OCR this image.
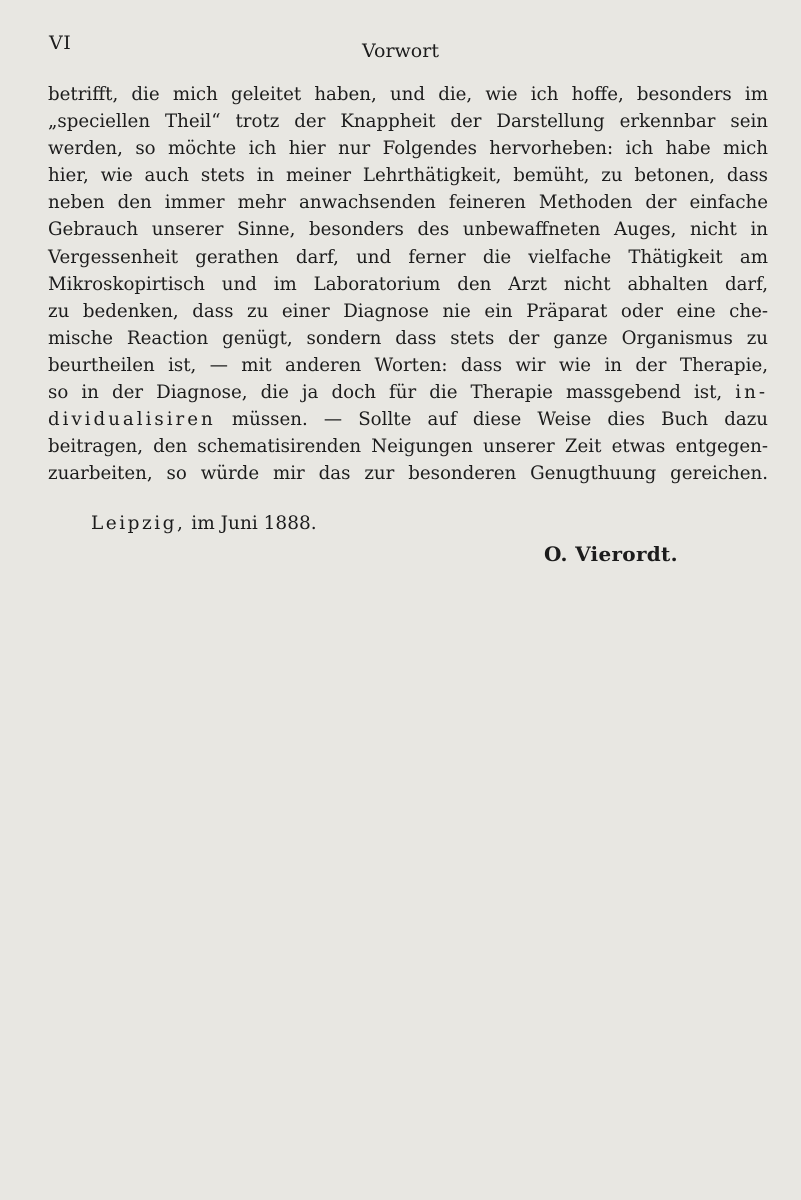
VI	Vorwort
betrifft, die mich geleitet haben, und die, wie ich hoffe, besonders im
„speciellen Theil“ trotz der Knappheit der Darstellung erkennbar sein
werden, so möchte ich hier nur Folgendes hervorheben: ich habe mich
hier, wie auch stets in meiner Lehrthätigkeit, bemüht, zu betonen, dass
neben den immer mehr anwachsenden feineren Methoden der einfache
Gebrauch unserer Sinne, besonders des unbewaffneten Auges, nicht in
Vergessenheit gerathen darf, und ferner die vielfache Thätigkeit am
Mikroskopirtisch und im Laboratorium den Arzt nicht abhalten darf,
zu bedenken, dass zu einer Diagnose nie ein Präparat oder eine che-
mische Reaction genügt, sondern dass stets der ganze Organismus zu
beurtheilen ist, — mit anderen Worten: dass wir wie in der Therapie,
so in der Diagnose, die ja doch für die Therapie massgebend ist, in-
dividualisiren müssen. — Sollte auf diese Weise dies Buch dazu
beitragen, den schematisirenden Neigungen unserer Zeit etwas entgegen-
zuarbeiten, so würde mir das zur besonderen Genugthuung gereichen.
Leipzig, im Juni 1888.
O. Vierordt.
